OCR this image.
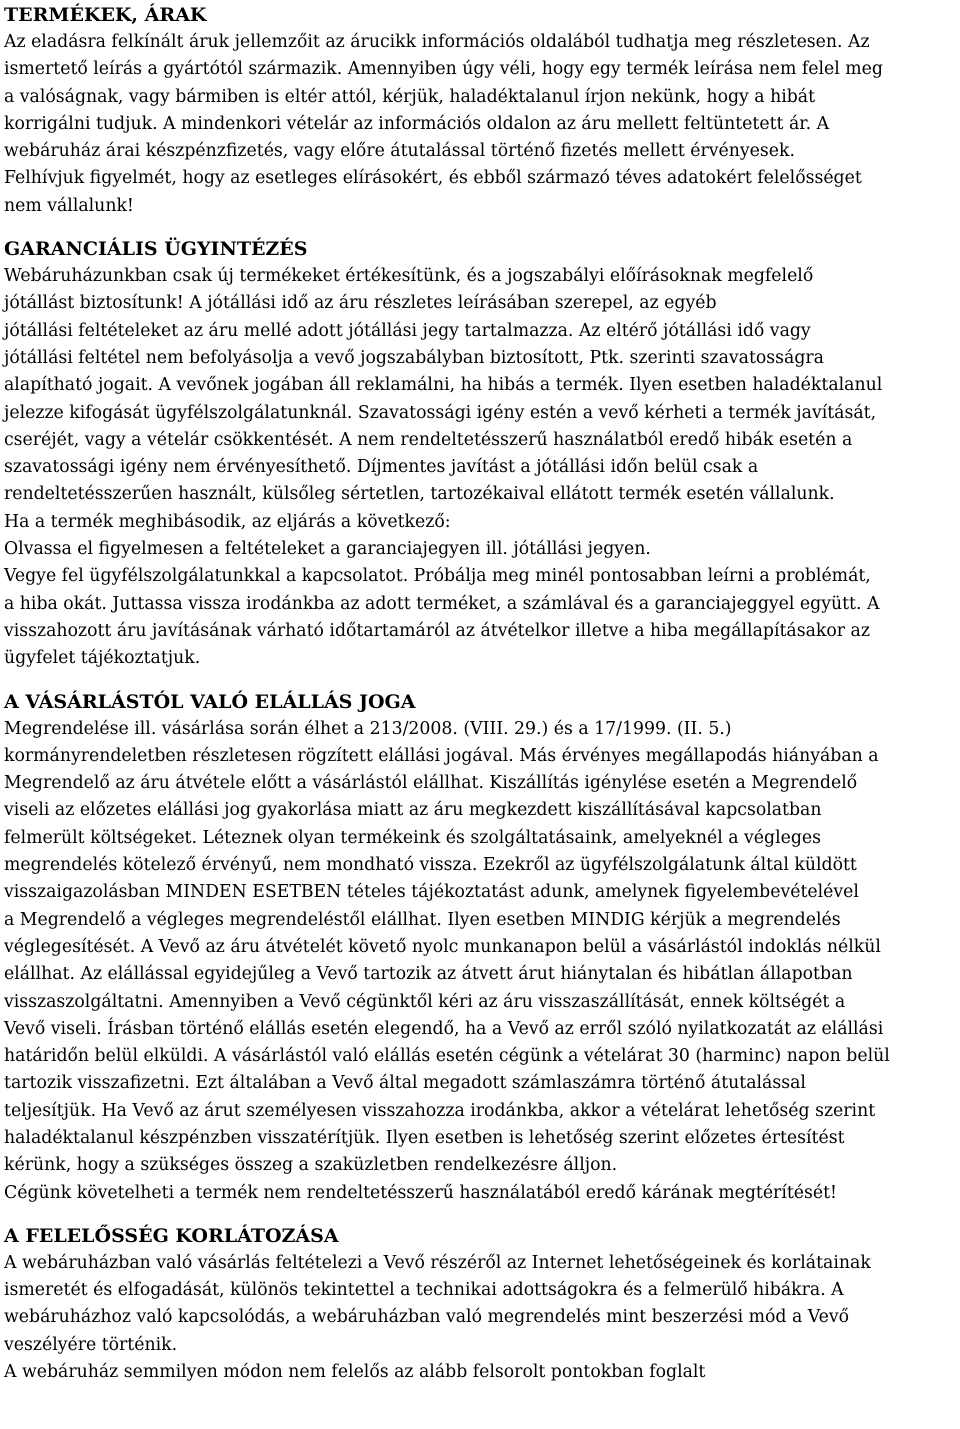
TERMÉKEK, ÁRAK
Az eladásra felkínált áruk jellemzőit az árucikk információs oldalából tudhatja meg részletesen. Az
ismertető leírás a gyártótól származik. Amennyiben úgy véli, hogy egy termék leírása nem felel meg
a valóságnak, vagy bármiben is eltér attól, kérjük, haladéktalanul írjon nekünk, hogy a hibát
korrigálni tudjuk. A mindenkori vételár az információs oldalon az áru mellett feltüntetett ár. A
webáruház árai készpénzfizetés, vagy előre átutalással történő fizetés mellett érvényesek.
Felhívjuk figyelmét, hogy az esetleges elírásokért, és ebből származó téves adatokért felelősséget
nem vállalunk!
GARANCIÁLIS ÜGYINTÉZÉS
Webáruházunkban csak új termékeket értékesítünk, és a jogszabályi előírásoknak megfelelő
jótállást biztosítunk! A jótállási idő az áru részletes leírásában szerepel, az egyéb
jótállási feltételeket az áru mellé adott jótállási jegy tartalmazza. Az eltérő jótállási idő vagy
jótállási feltétel nem befolyásolja a vevő jogszabályban biztosított, Ptk. szerinti szavatosságra
alapítható jogait. A vevőnek jogában áll reklamálni, ha hibás a termék. Ilyen esetben haladéktalanul
jelezze kifogását ügyfélszolgálatunknál. Szavatossági igény estén a vevő kérheti a termék javítását,
cseréjét, vagy a vételár csökkentését. A nem rendeltetésszerű használatból eredő hibák esetén a
szavatossági igény nem érvényesíthető. Díjmentes javítást a jótállási időn belül csak a
rendeltetésszerűen használt, külsőleg sértetlen, tartozékaival ellátott termék esetén vállalunk.
Ha a termék meghibásodik, az eljárás a következő:
Olvassa el figyelmesen a feltételeket a garanciajegyen ill. jótállási jegyen.
Vegye fel ügyfélszolgálatunkkal a kapcsolatot. Próbálja meg minél pontosabban leírni a problémát,
a hiba okát. Juttassa vissza irodánkba az adott terméket, a számlával és a garanciajeggyel együtt. A
visszahozott áru javításának várható időtartamáról az átvételkor illetve a hiba megállapításakor az
ügyfelet tájékoztatjuk.
A VÁSÁRLÁSTÓL VALÓ ELÁLLÁS JOGA
Megrendelése ill. vásárlása során élhet a 213/2008. (VIII. 29.) és a 17/1999. (II. 5.)
kormányrendeletben részletesen rögzített elállási jogával. Más érvényes megállapodás hiányában a
Megrendelő az áru átvétele előtt a vásárlástól elállhat. Kiszállítás igénylése esetén a Megrendelő
viseli az előzetes elállási jog gyakorlása miatt az áru megkezdett kiszállításával kapcsolatban
felmerült költségeket. Léteznek olyan termékeink és szolgáltatásaink, amelyeknél a végleges
megrendelés kötelező érvényű, nem mondható vissza. Ezekről az ügyfélszolgálatunk által küldött
visszaigazolásban MINDEN ESETBEN tételes tájékoztatást adunk, amelynek figyelembevételével
a Megrendelő a végleges megrendeléstől elállhat. Ilyen esetben MINDIG kérjük a megrendelés
véglegesítését. A Vevő az áru átvételét követő nyolc munkanapon belül a vásárlástól indoklás nélkül
elállhat. Az elállással egyidejűleg a Vevő tartozik az átvett árut hiánytalan és hibátlan állapotban
visszaszolgáltatni. Amennyiben a Vevő cégünktől kéri az áru visszaszállítását, ennek költségét a
Vevő viseli. Írásban történő elállás esetén elegendő, ha a Vevő az erről szóló nyilatkozatát az elállási
határidőn belül elküldi. A vásárlástól való elállás esetén cégünk a vételárat 30 (harminc) napon belül
tartozik visszafizetni. Ezt általában a Vevő által megadott számlaszámra történő átutalással
teljesítjük. Ha Vevő az árut személyesen visszahozza irodánkba, akkor a vételárat lehetőség szerint
haladéktalanul készpénzben visszatérítjük. Ilyen esetben is lehetőség szerint előzetes értesítést
kérünk, hogy a szükséges összeg a szaküzletben rendelkezésre álljon.
Cégünk követelheti a termék nem rendeltetésszerű használatából eredő kárának megtérítését!
A FELELŐSSÉG KORLÁTOZÁSA
A webáruházban való vásárlás feltételezi a Vevő részéről az Internet lehetőségeinek és korlátainak
ismeretét és elfogadását, különös tekintettel a technikai adottságokra és a felmerülő hibákra. A
webáruházhoz való kapcsolódás, a webáruházban való megrendelés mint beszerzési mód a Vevő
veszélyére történik.
A webáruház semmilyen módon nem felelős az alább felsorolt pontokban foglalt
